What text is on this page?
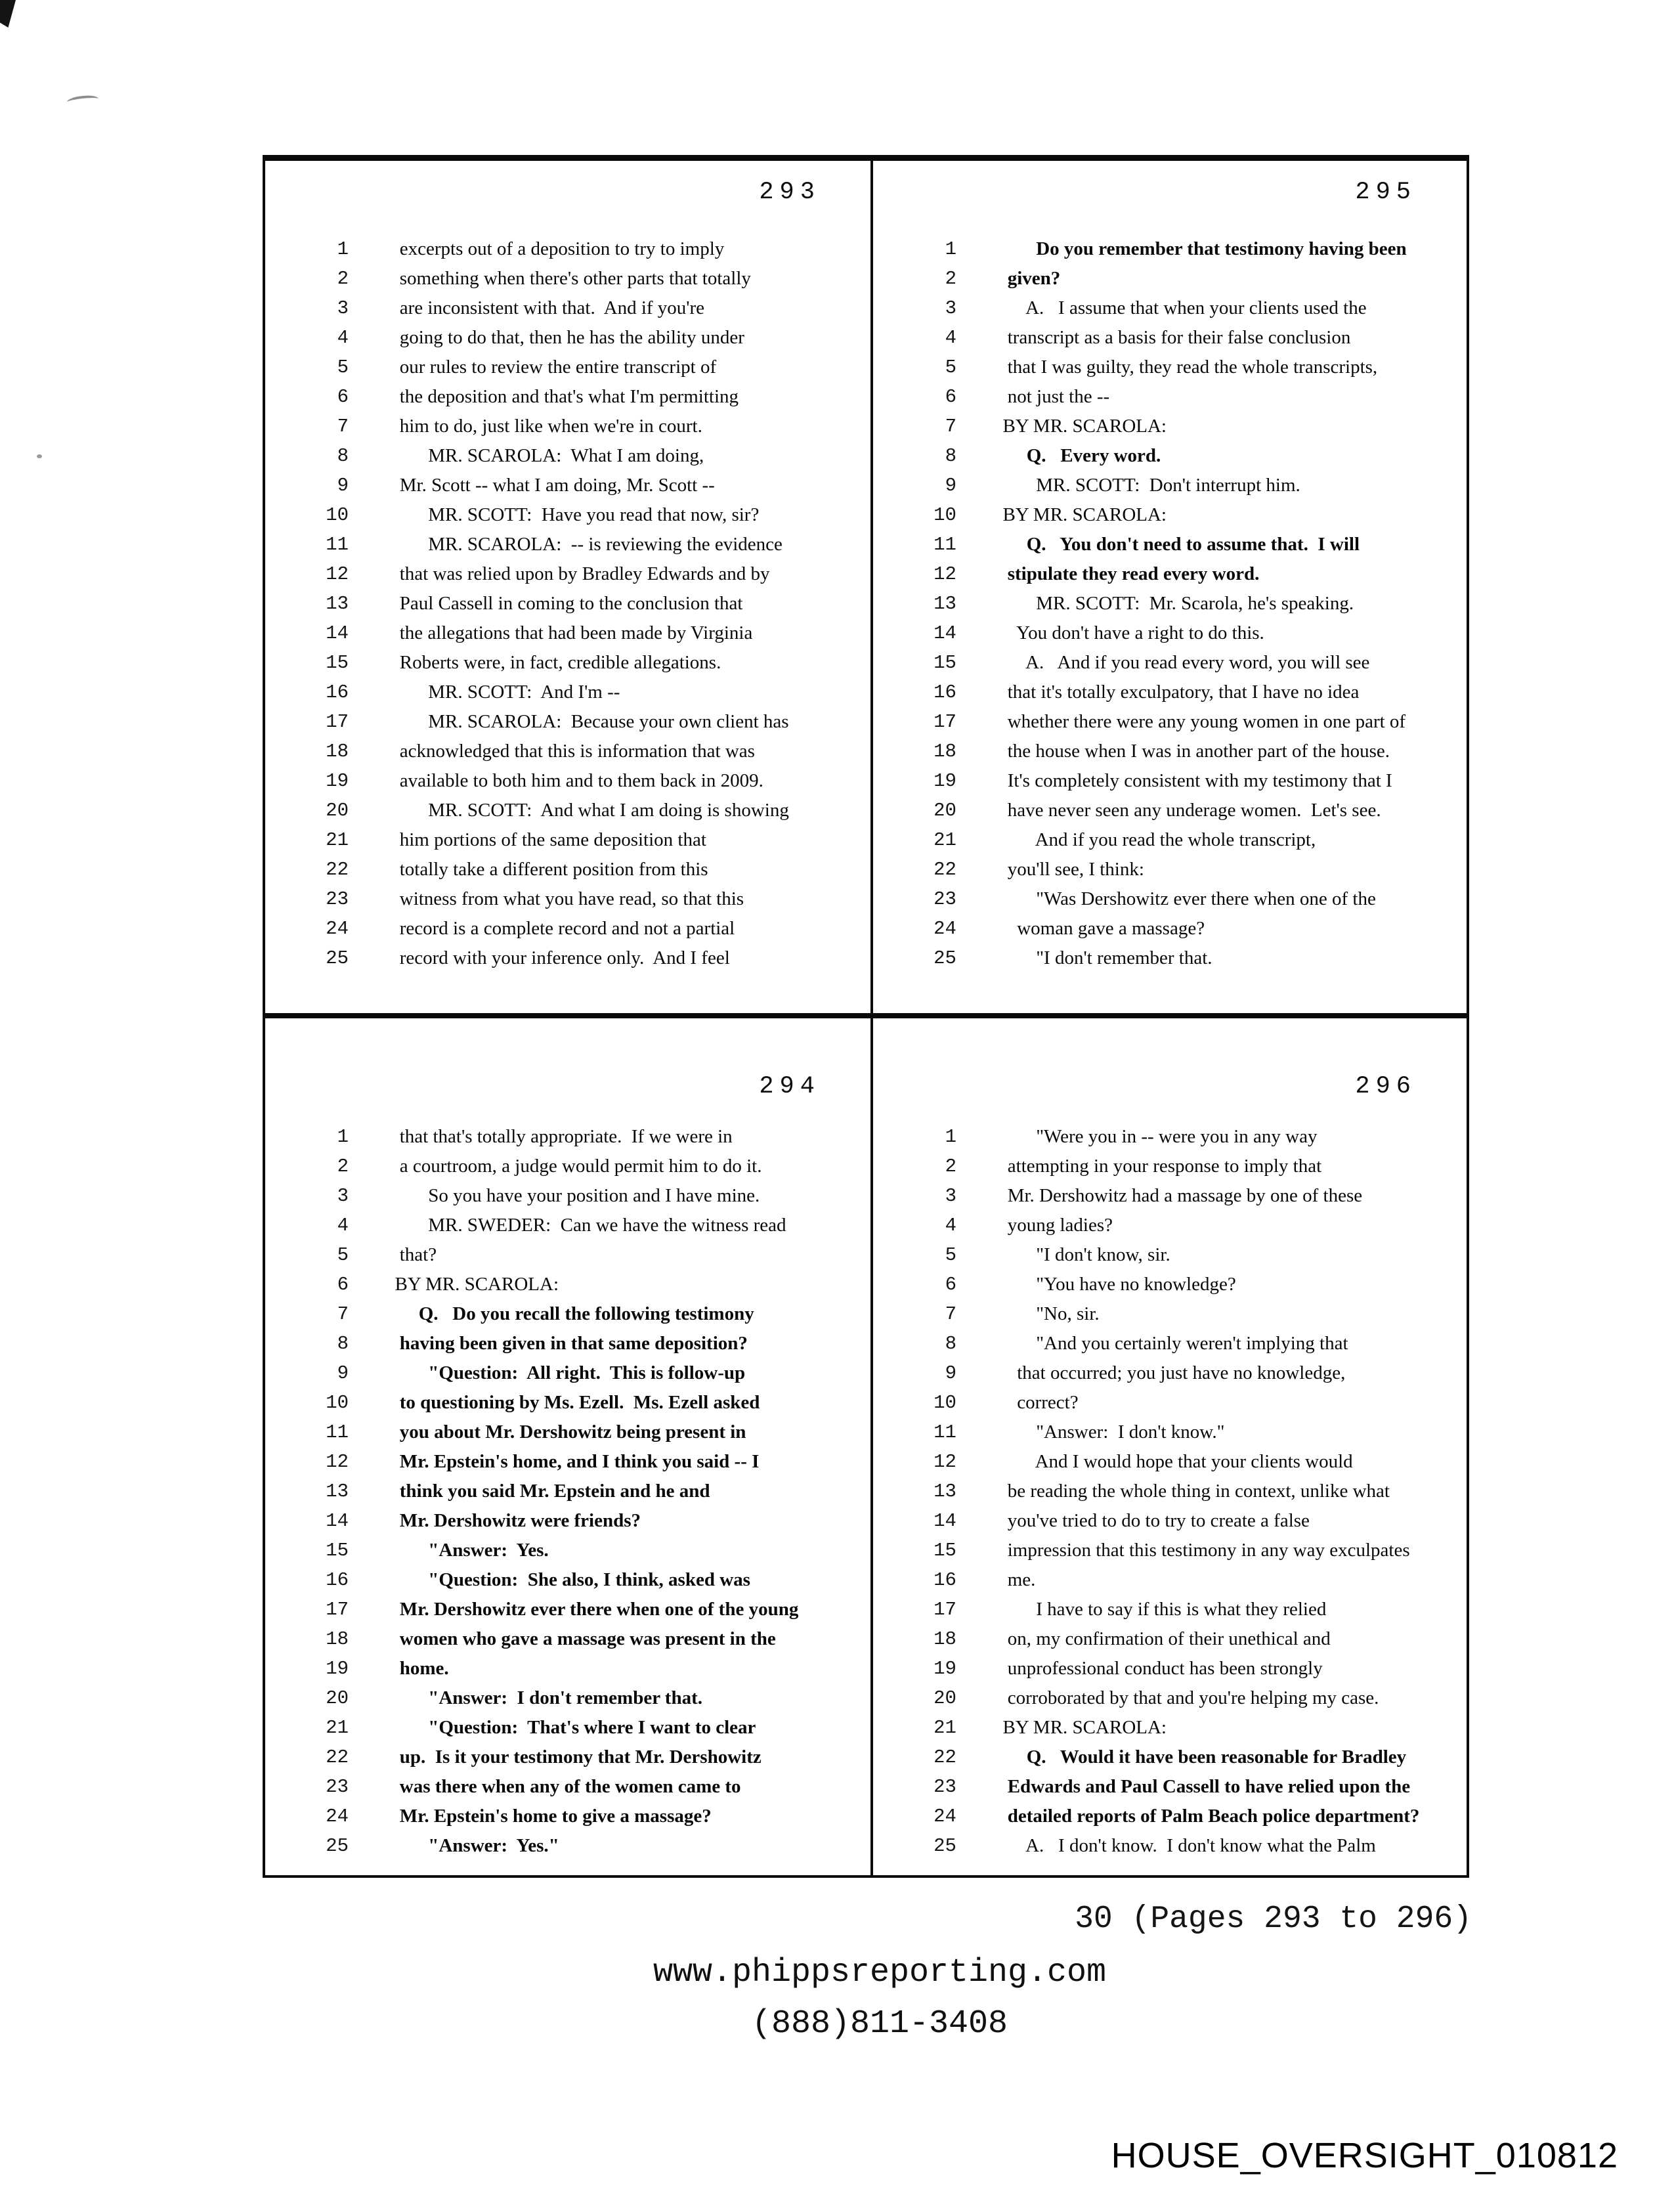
293
1	excerpts out of a deposition to try to imply
2	something when there's other parts that totally
3	are inconsistent with that.  And if you're
4	going to do that, then he has the ability under
5	our rules to review the entire transcript of
6	the deposition and that's what I'm permitting
7	him to do, just like when we're in court.
8	MR. SCAROLA:  What I am doing,
9	Mr. Scott -- what I am doing, Mr. Scott --
10	MR. SCOTT:  Have you read that now, sir?
11	MR. SCAROLA:  -- is reviewing the evidence
12	that was relied upon by Bradley Edwards and by
13	Paul Cassell in coming to the conclusion that
14	the allegations that had been made by Virginia
15	Roberts were, in fact, credible allegations.
16	MR. SCOTT:  And I'm --
17	MR. SCAROLA:  Because your own client has
18	acknowledged that this is information that was
19	available to both him and to them back in 2009.
20	MR. SCOTT:  And what I am doing is showing
21	him portions of the same deposition that
22	totally take a different position from this
23	witness from what you have read, so that this
24	record is a complete record and not a partial
25	record with your inference only.  And I feel
295
1	Do you remember that testimony having been
2	given?
3	A.   I assume that when your clients used the
4	transcript as a basis for their false conclusion
5	that I was guilty, they read the whole transcripts,
6	not just the --
7	BY MR. SCAROLA:
8	Q.   Every word.
9	MR. SCOTT:  Don't interrupt him.
10	BY MR. SCAROLA:
11	Q.   You don't need to assume that.  I will
12	stipulate they read every word.
13	MR. SCOTT:  Mr. Scarola, he's speaking.
14	You don't have a right to do this.
15	A.   And if you read every word, you will see
16	that it's totally exculpatory, that I have no idea
17	whether there were any young women in one part of
18	the house when I was in another part of the house.
19	It's completely consistent with my testimony that I
20	have never seen any underage women.  Let's see.
21	And if you read the whole transcript,
22	you'll see, I think:
23	"Was Dershowitz ever there when one of the
24	woman gave a massage?
25	"I don't remember that.
294
1	that that's totally appropriate.  If we were in
2	a courtroom, a judge would permit him to do it.
3	So you have your position and I have mine.
4	MR. SWEDER:  Can we have the witness read
5	that?
6	BY MR. SCAROLA:
7	Q.   Do you recall the following testimony
8	having been given in that same deposition?
9	"Question:  All right.  This is follow-up
10	to questioning by Ms. Ezell.  Ms. Ezell asked
11	you about Mr. Dershowitz being present in
12	Mr. Epstein's home, and I think you said -- I
13	think you said Mr. Epstein and he and
14	Mr. Dershowitz were friends?
15	"Answer:  Yes.
16	"Question:  She also, I think, asked was
17	Mr. Dershowitz ever there when one of the young
18	women who gave a massage was present in the
19	home.
20	"Answer:  I don't remember that.
21	"Question:  That's where I want to clear
22	up.  Is it your testimony that Mr. Dershowitz
23	was there when any of the women came to
24	Mr. Epstein's home to give a massage?
25	"Answer:  Yes."
296
1	"Were you in -- were you in any way
2	attempting in your response to imply that
3	Mr. Dershowitz had a massage by one of these
4	young ladies?
5	"I don't know, sir.
6	"You have no knowledge?
7	"No, sir.
8	"And you certainly weren't implying that
9	that occurred; you just have no knowledge,
10	correct?
11	"Answer:  I don't know."
12	And I would hope that your clients would
13	be reading the whole thing in context, unlike what
14	you've tried to do to try to create a false
15	impression that this testimony in any way exculpates
16	me.
17	I have to say if this is what they relied
18	on, my confirmation of their unethical and
19	unprofessional conduct has been strongly
20	corroborated by that and you're helping my case.
21	BY MR. SCAROLA:
22	Q.   Would it have been reasonable for Bradley
23	Edwards and Paul Cassell to have relied upon the
24	detailed reports of Palm Beach police department?
25	A.   I don't know.  I don't know what the Palm
30 (Pages 293 to 296)
www.phippsreporting.com
(888)811-3408
HOUSE_OVERSIGHT_010812
